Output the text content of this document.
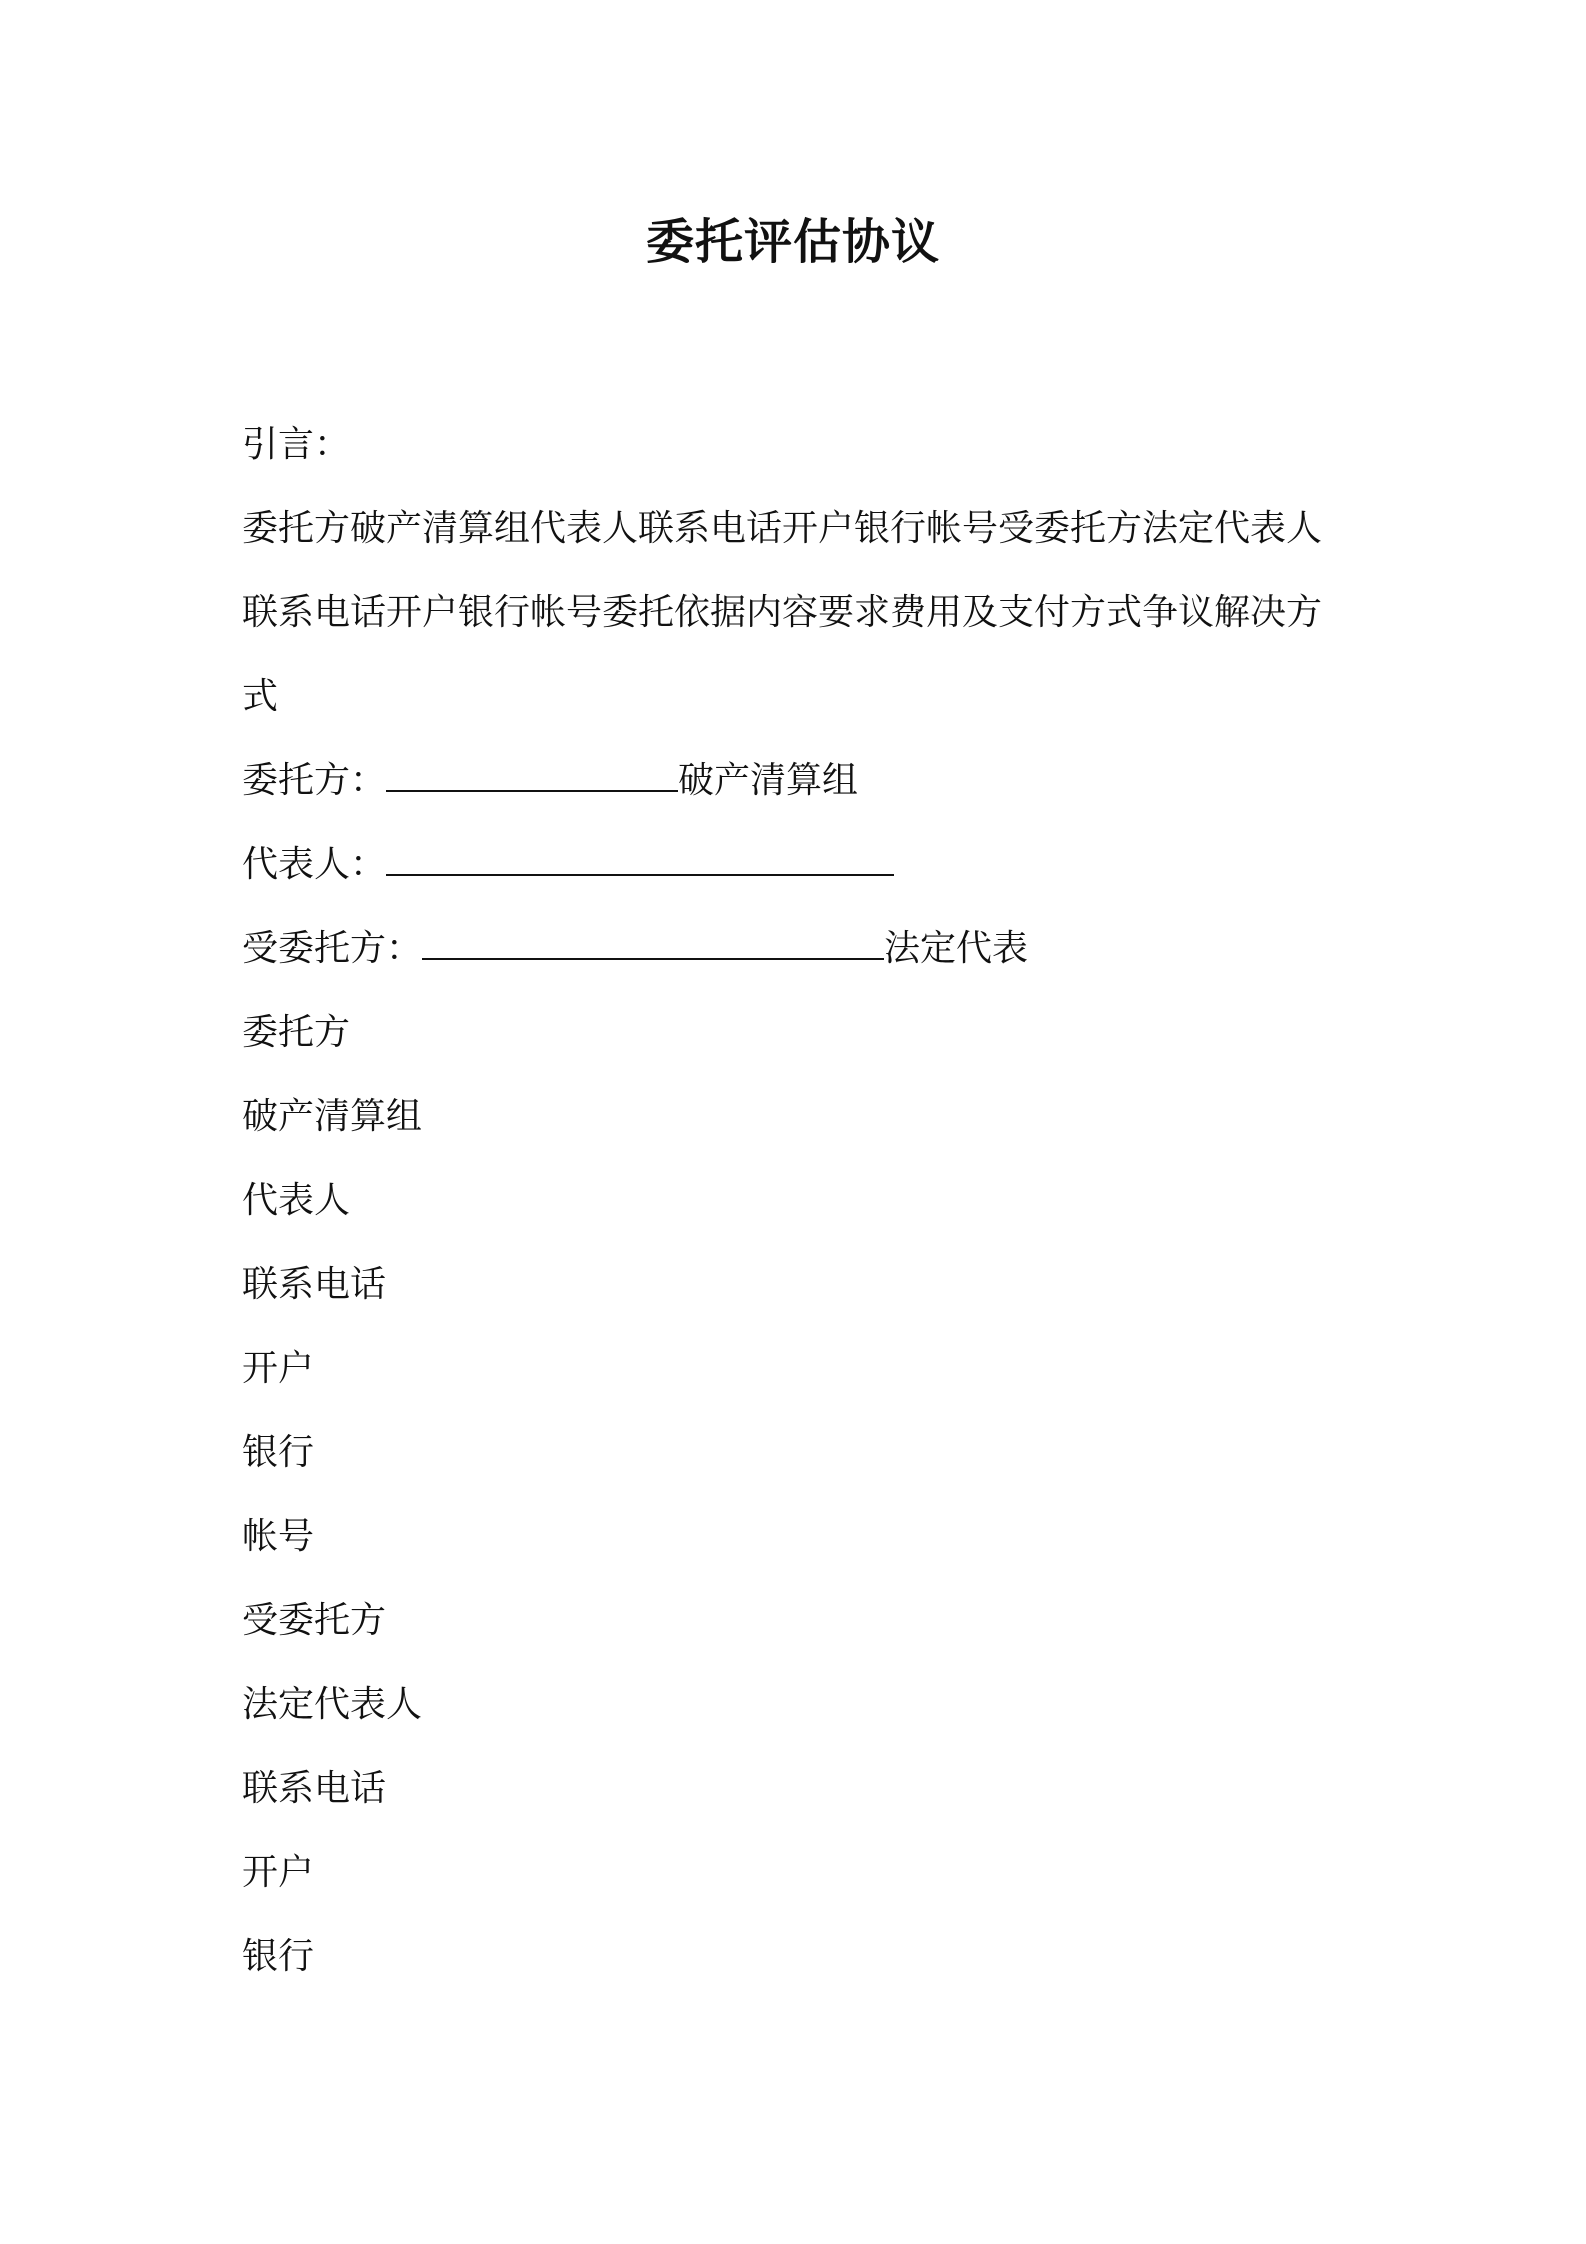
委托评估协议
引言：
委托方破产清算组代表人联系电话开户银行帐号受委托方法定代表人联系电话开户银行帐号委托依据内容要求费用及支付方式争议解决方式
委托方：	破产清算组
代表人：
受委托方：	法定代表
委托方
破产清算组
代表人
联系电话
开户
银行
帐号
受委托方
法定代表人
联系电话
开户
银行
